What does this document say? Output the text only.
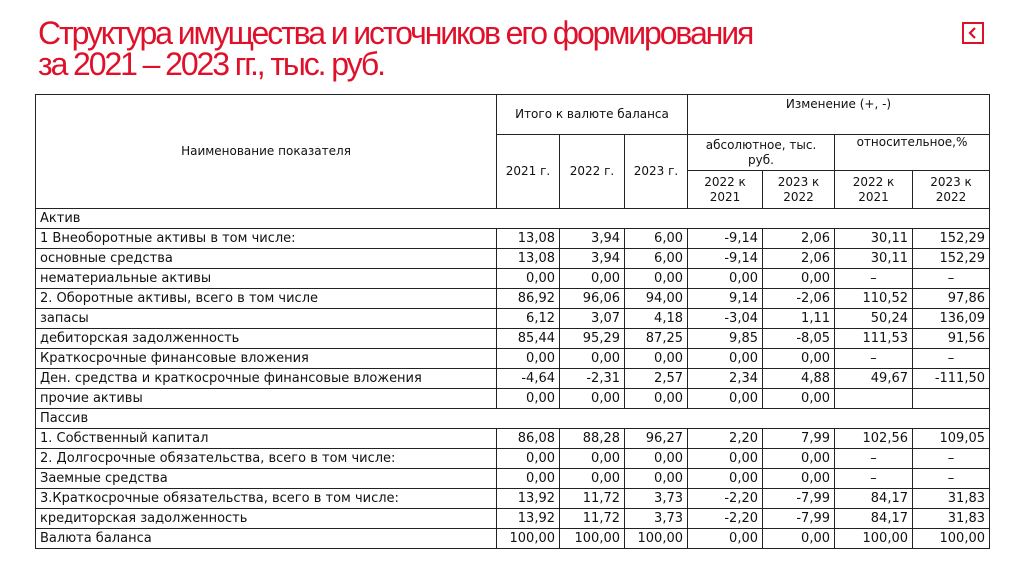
Структура имущества и источников его формирования
за 2021 – 2023 гг., тыс. руб.
Наименование показателя	Итого к валюте баланса			Изменение (+, -)			
	2021 г.	2022 г.	2023 г.	абсолютное, тыс. руб.		относительное,%	
				2022 к 2021	2023 к 2022	2022 к 2021	2023 к 2022
Актив							
1 Внеоборотные активы в том числе:	13,08	3,94	6,00	-9,14	2,06	30,11	152,29
основные средства	13,08	3,94	6,00	-9,14	2,06	30,11	152,29
нематериальные активы	0,00	0,00	0,00	0,00	0,00	–	–
2. Оборотные активы, всего в том числе	86,92	96,06	94,00	9,14	-2,06	110,52	97,86
запасы	6,12	3,07	4,18	-3,04	1,11	50,24	136,09
дебиторская задолженность	85,44	95,29	87,25	9,85	-8,05	111,53	91,56
Краткосрочные финансовые вложения	0,00	0,00	0,00	0,00	0,00	–	–
Ден. средства и краткосрочные финансовые вложения	-4,64	-2,31	2,57	2,34	4,88	49,67	-111,50
прочие активы	0,00	0,00	0,00	0,00	0,00		
Пассив							
1. Собственный капитал	86,08	88,28	96,27	2,20	7,99	102,56	109,05
2. Долгосрочные обязательства, всего в том числе:	0,00	0,00	0,00	0,00	0,00	–	–
Заемные средства	0,00	0,00	0,00	0,00	0,00	–	–
3.Краткосрочные обязательства, всего в том числе:	13,92	11,72	3,73	-2,20	-7,99	84,17	31,83
кредиторская задолженность	13,92	11,72	3,73	-2,20	-7,99	84,17	31,83
Валюта баланса	100,00	100,00	100,00	0,00	0,00	100,00	100,00
